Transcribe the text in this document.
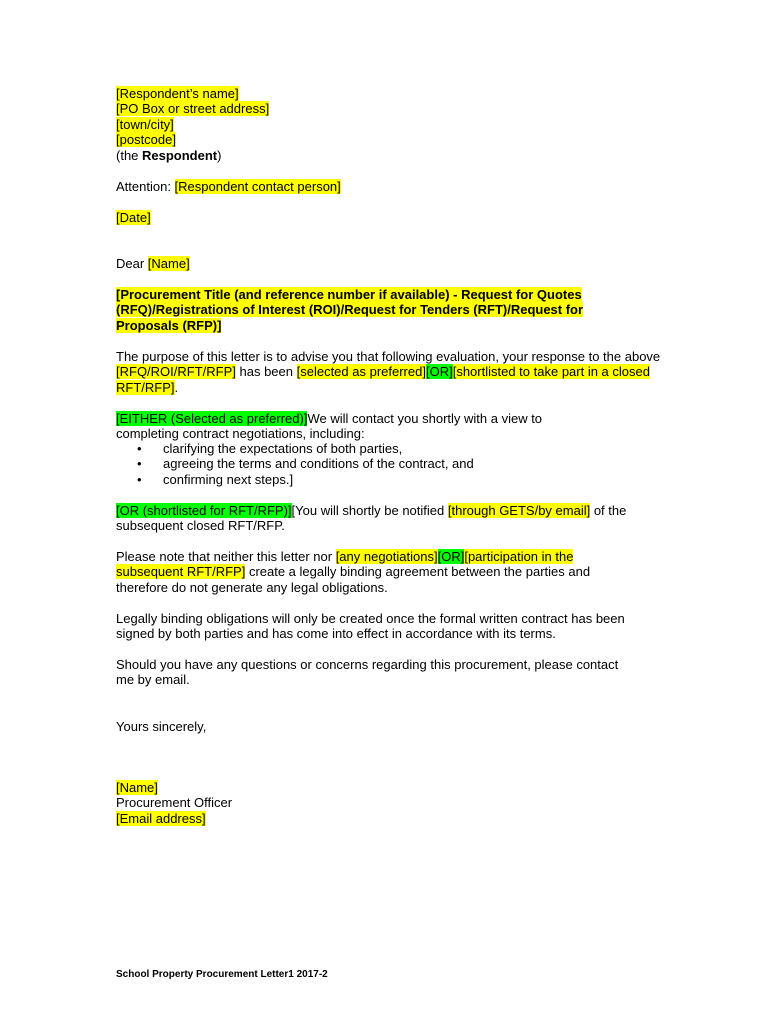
[Respondent’s name]
[PO Box or street address]
[town/city]
[postcode]
(the Respondent)

Attention: [Respondent contact person]

[Date]

Dear [Name]

[Procurement Title (and reference number if available) - Request for Quotes (RFQ)/Registrations of Interest (ROI)/Request for Tenders (RFT)/Request for Proposals (RFP)]

The purpose of this letter is to advise you that following evaluation, your response to the above [RFQ/ROI/RFT/RFP] has been [selected as preferred][OR][shortlisted to take part in a closed RFT/RFP].

[EITHER (Selected as preferred)]We will contact you shortly with a view to completing contract negotiations, including:

• clarifying the expectations of both parties,
• agreeing the terms and conditions of the contract, and
• confirming next steps.]

[OR (shortlisted for RFT/RFP)][You will shortly be notified [through GETS/by email] of the subsequent closed RFT/RFP.

Please note that neither this letter nor [any negotiations][OR][participation in the subsequent RFT/RFP] create a legally binding agreement between the parties and therefore do not generate any legal obligations.

Legally binding obligations will only be created once the formal written contract has been signed by both parties and has come into effect in accordance with its terms.

Should you have any questions or concerns regarding this procurement, please contact me by email.

Yours sincerely,

[Name]
Procurement Officer
[Email address]

School Property Procurement Letter1 2017-2
